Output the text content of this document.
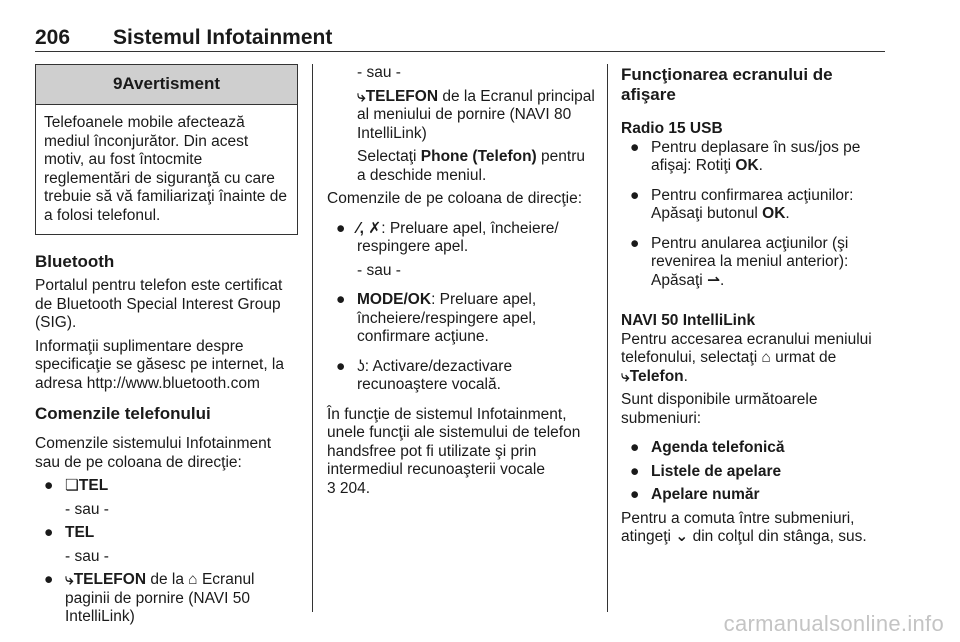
206 Sistemul Infotainment
9 Avertisment
Telefoanele mobile afectează mediul înconjurător. Din acest motiv, au fost întocmite reglementări de siguranţă cu care trebuie să vă familiarizaţi înainte de a folosi telefonul.

Bluetooth

Portalul pentru telefon este certificat de Bluetooth Special Interest Group (SIG).

Informaţii suplimentare despre specificaţie se găsesc pe internet, la adresa http://www.bluetooth.com

Comenzile telefonului

Comenzile sistemului Infotainment sau de pe coloana de direcţie:

● ❏TEL

- sau -

● TEL

- sau -

● ⤷TELEFON de la ⌂ Ecranul paginii de pornire (NAVI 50 IntelliLink)

- sau -

⤷TELEFON de la Ecranul principal al meniului de pornire (NAVI 80 IntelliLink)

Selectaţi Phone (Telefon) pentru a deschide meniul.

Comenzile de pe coloana de direcţie:

● ⁄, ✗: Preluare apel, încheiere/ respingere apel.

- sau -

● MODE/OK: Preluare apel, încheiere/respingere apel, confirmare acţiune.
● ʖ: Activare/dezactivare recunoaştere vocală.

În funcţie de sistemul Infotainment, unele funcţii ale sistemului de telefon handsfree pot fi utilizate şi prin intermediul recunoaşterii vocale

3 204.

Funcţionarea ecranului de afişare

Radio 15 USB

● Pentru deplasare în sus/jos pe afişaj: Rotiţi OK.
● Pentru confirmarea acţiunilor: Apăsaţi butonul OK.
● Pentru anularea acţiunilor (şi revenirea la meniul anterior): Apăsaţi ⇀.

NAVI 50 IntelliLink

Pentru accesarea ecranului meniului telefonului, selectaţi ⌂ urmat de
⤷Telefon.

Sunt disponibile următoarele submeniuri:

● Agenda telefonică
● Listele de apelare
● Apelare număr

Pentru a comuta între submeniuri, atingeţi ⌄ din colţul din stânga, sus.

carmanualsonline.info
